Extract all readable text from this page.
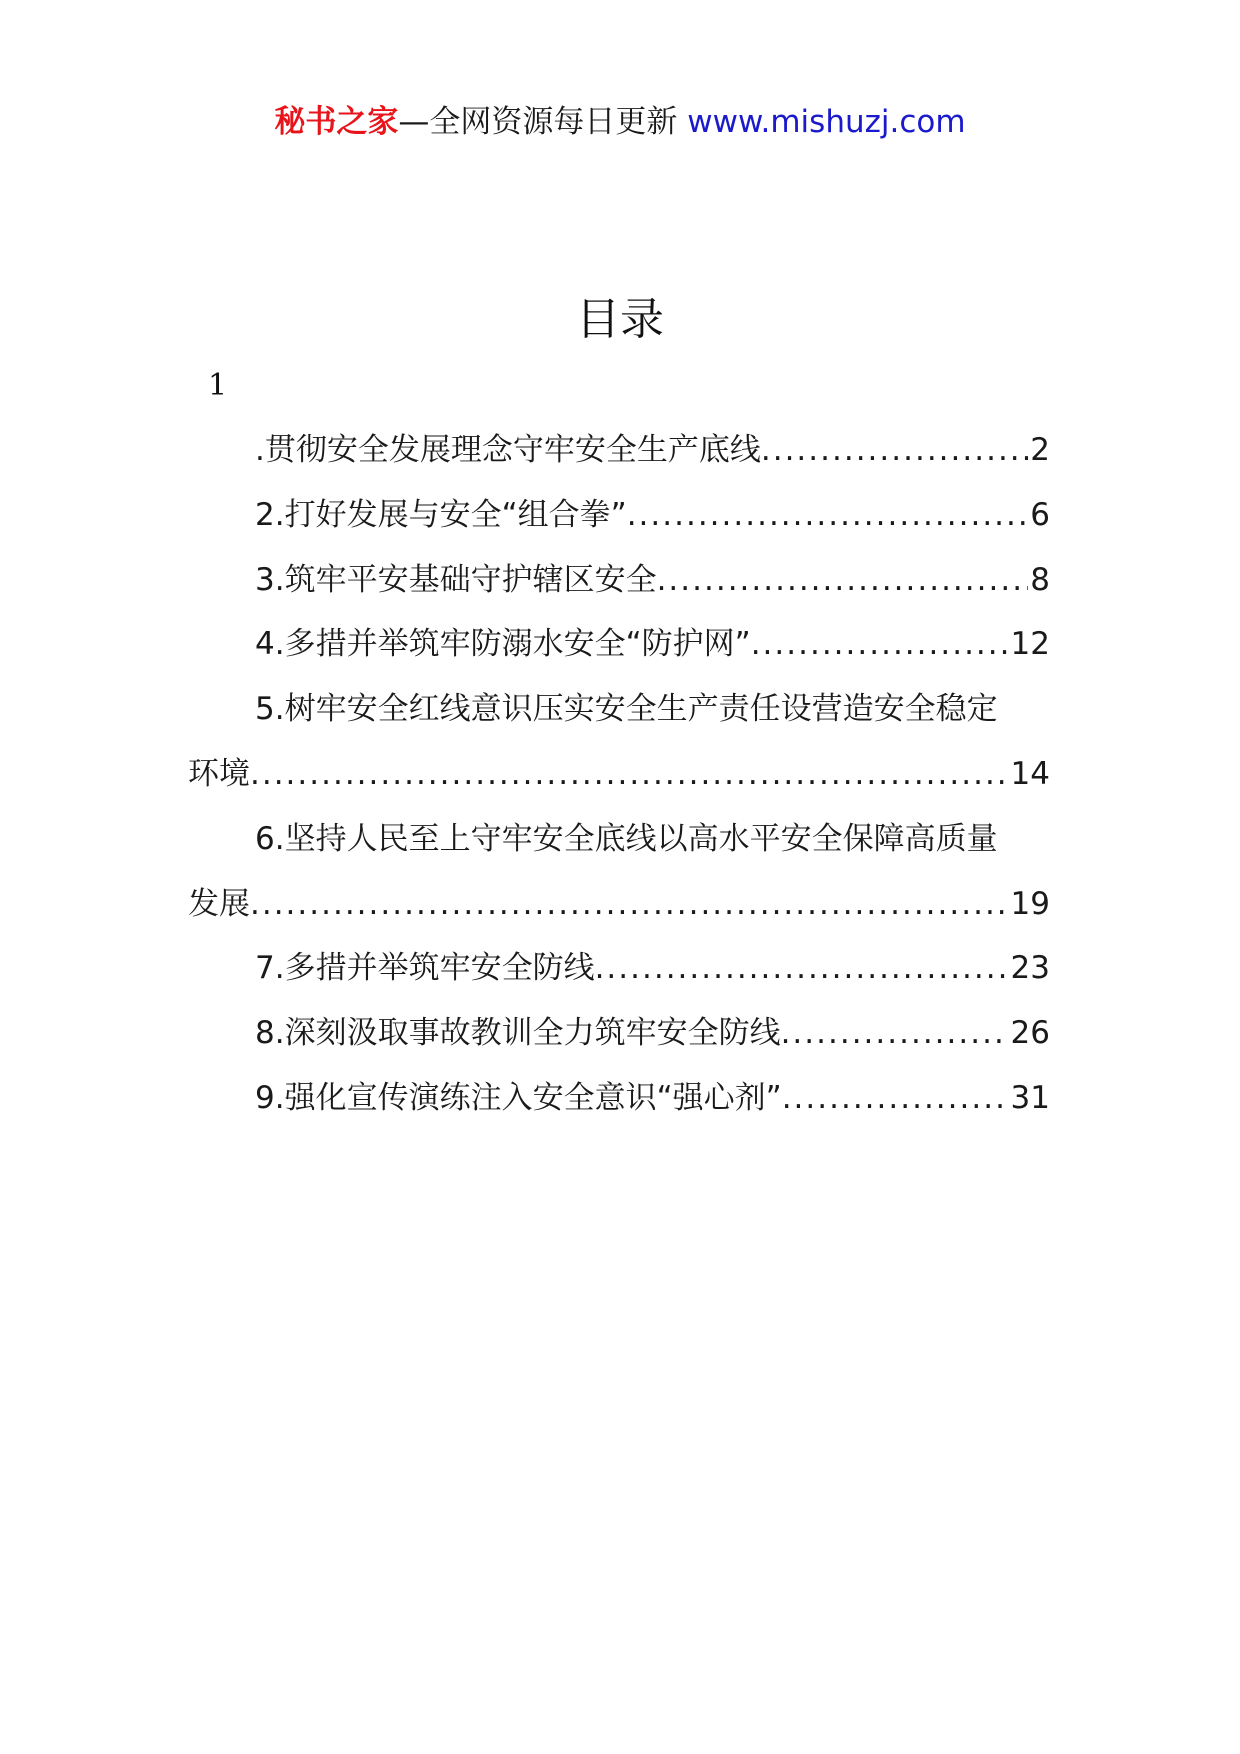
秘书之家—全网资源每日更新 www.mishuzj.com
目录
1
.贯彻安全发展理念守牢安全生产底线 .....	2
2.打好发展与安全“组合拳” .....	6
3.筑牢平安基础守护辖区安全 .....	8
4.多措并举筑牢防溺水安全“防护网” .....	12
5.树牢安全红线意识压实安全生产责任设营造安全稳定
环境 .....	14
6.坚持人民至上守牢安全底线以高水平安全保障高质量
发展 .....	19
7.多措并举筑牢安全防线 .....	23
8.深刻汲取事故教训全力筑牢安全防线 .....	26
9.强化宣传演练注入安全意识“强心剂” .....	31
